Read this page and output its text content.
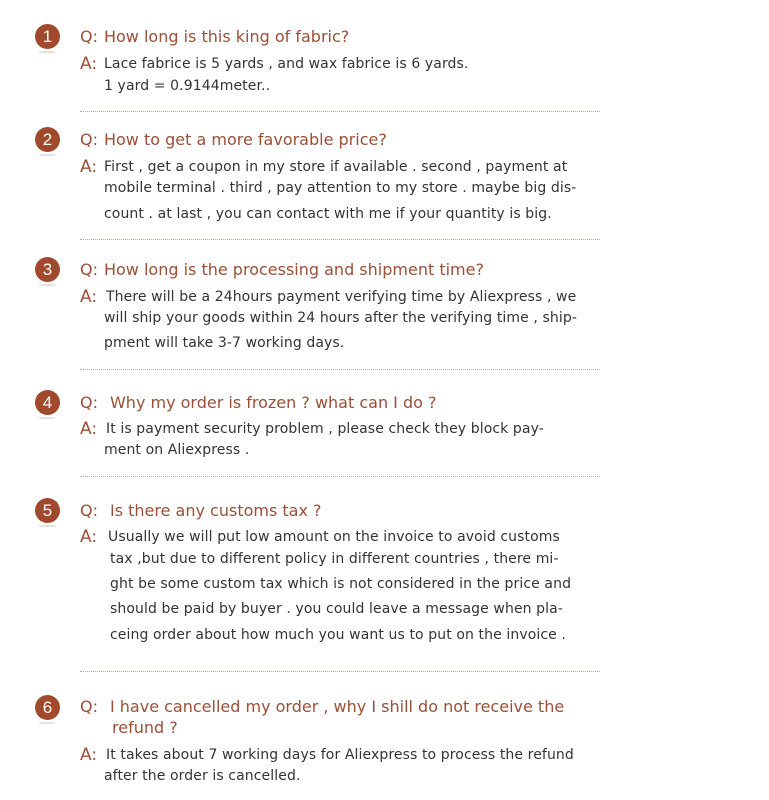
1 Q: How long is this king of fabric?
A: Lace fabrice is 5 yards , and wax fabrice is 6 yards.
1 yard = 0.9144meter..
2 Q: How to get a more favorable price?
A: First , get a coupon in my store if available . second , payment at
mobile terminal . third , pay attention to my store . maybe big dis-
count . at last , you can contact with me if your quantity is big.
3 Q: How long is the processing and shipment time?
A: There will be a 24hours payment verifying time by Aliexpress , we
will ship your goods within 24 hours after the verifying time , ship-
pment will take 3-7 working days.
4 Q: Why my order is frozen ? what can I do ?
A: It is payment security problem , please check they block pay-
ment on Aliexpress .
5 Q: Is there any customs tax ?
A: Usually we will put low amount on the invoice to avoid customs
tax ,but due to different policy in different countries , there mi-
ght be some custom tax which is not considered in the price and
should be paid by buyer . you could leave a message when pla-
ceing order about how much you want us to put on the invoice .
6 Q: I have cancelled my order , why I shill do not receive the
refund ?
A: It takes about 7 working days for Aliexpress to process the refund
after the order is cancelled.
